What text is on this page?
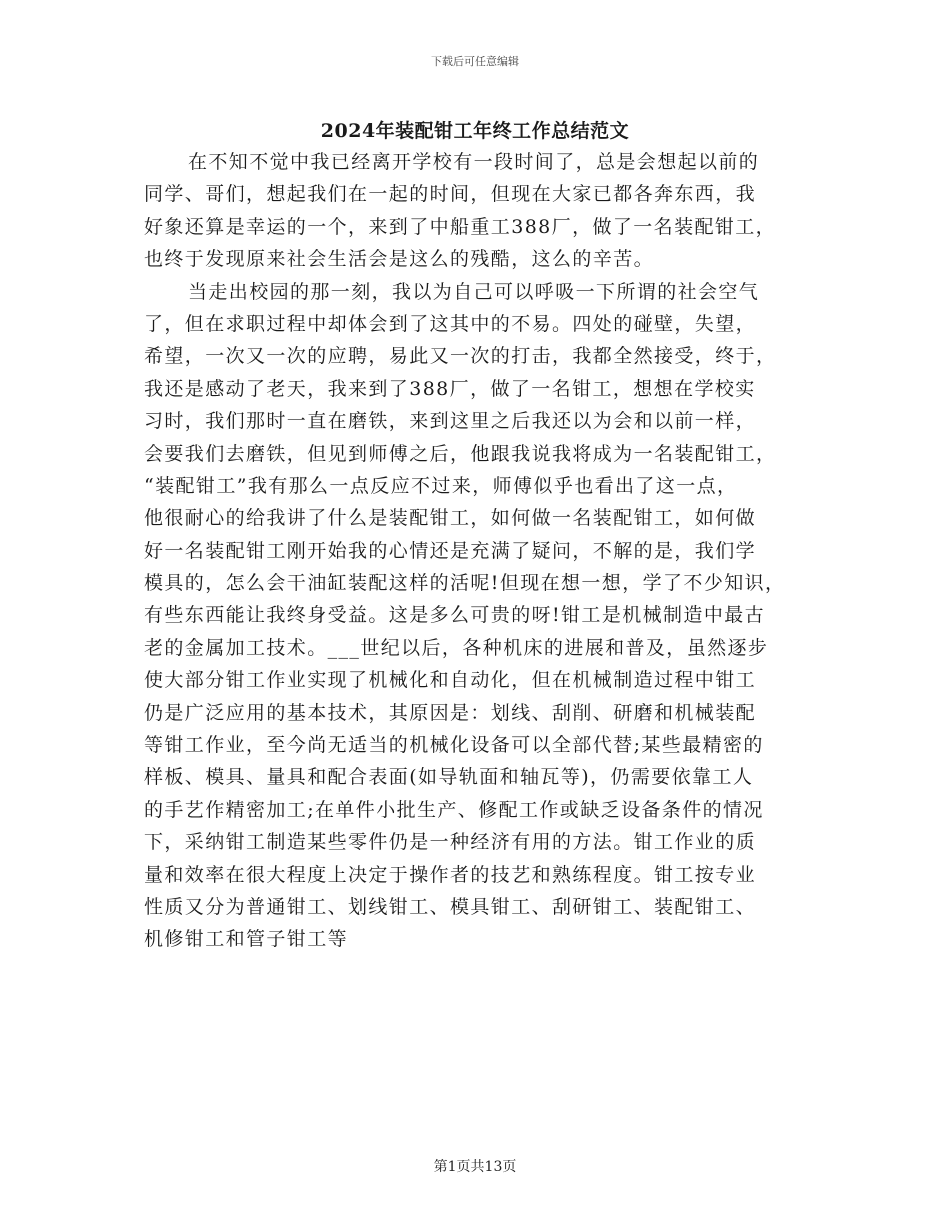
下载后可任意编辑
2024年装配钳工年终工作总结范文
在不知不觉中我已经离开学校有一段时间了，总是会想起以前的
同学、哥们，想起我们在一起的时间，但现在大家已都各奔东西，我
好象还算是幸运的一个，来到了中船重工388厂，做了一名装配钳工，
也终于发现原来社会生活会是这么的残酷，这么的辛苦。
当走出校园的那一刻，我以为自己可以呼吸一下所谓的社会空气
了，但在求职过程中却体会到了这其中的不易。四处的碰壁，失望，
希望，一次又一次的应聘，易此又一次的打击，我都全然接受，终于，
我还是感动了老天，我来到了388厂，做了一名钳工，想想在学校实
习时，我们那时一直在磨铁，来到这里之后我还以为会和以前一样，
会要我们去磨铁，但见到师傅之后，他跟我说我将成为一名装配钳工，
“装配钳工”我有那么一点反应不过来，师傅似乎也看出了这一点，
他很耐心的给我讲了什么是装配钳工，如何做一名装配钳工，如何做
好一名装配钳工刚开始我的心情还是充满了疑问，不解的是，我们学
模具的，怎么会干油缸装配这样的活呢!但现在想一想，学了不少知识，
有些东西能让我终身受益。这是多么可贵的呀!钳工是机械制造中最古
老的金属加工技术。___世纪以后，各种机床的进展和普及，虽然逐步
使大部分钳工作业实现了机械化和自动化，但在机械制造过程中钳工
仍是广泛应用的基本技术，其原因是：划线、刮削、研磨和机械装配
等钳工作业，至今尚无适当的机械化设备可以全部代替;某些最精密的
样板、模具、量具和配合表面(如导轨面和轴瓦等)，仍需要依靠工人
的手艺作精密加工;在单件小批生产、修配工作或缺乏设备条件的情况
下，采纳钳工制造某些零件仍是一种经济有用的方法。钳工作业的质
量和效率在很大程度上决定于操作者的技艺和熟练程度。钳工按专业
性质又分为普通钳工、划线钳工、模具钳工、刮研钳工、装配钳工、
机修钳工和管子钳工等
第1页共13页
